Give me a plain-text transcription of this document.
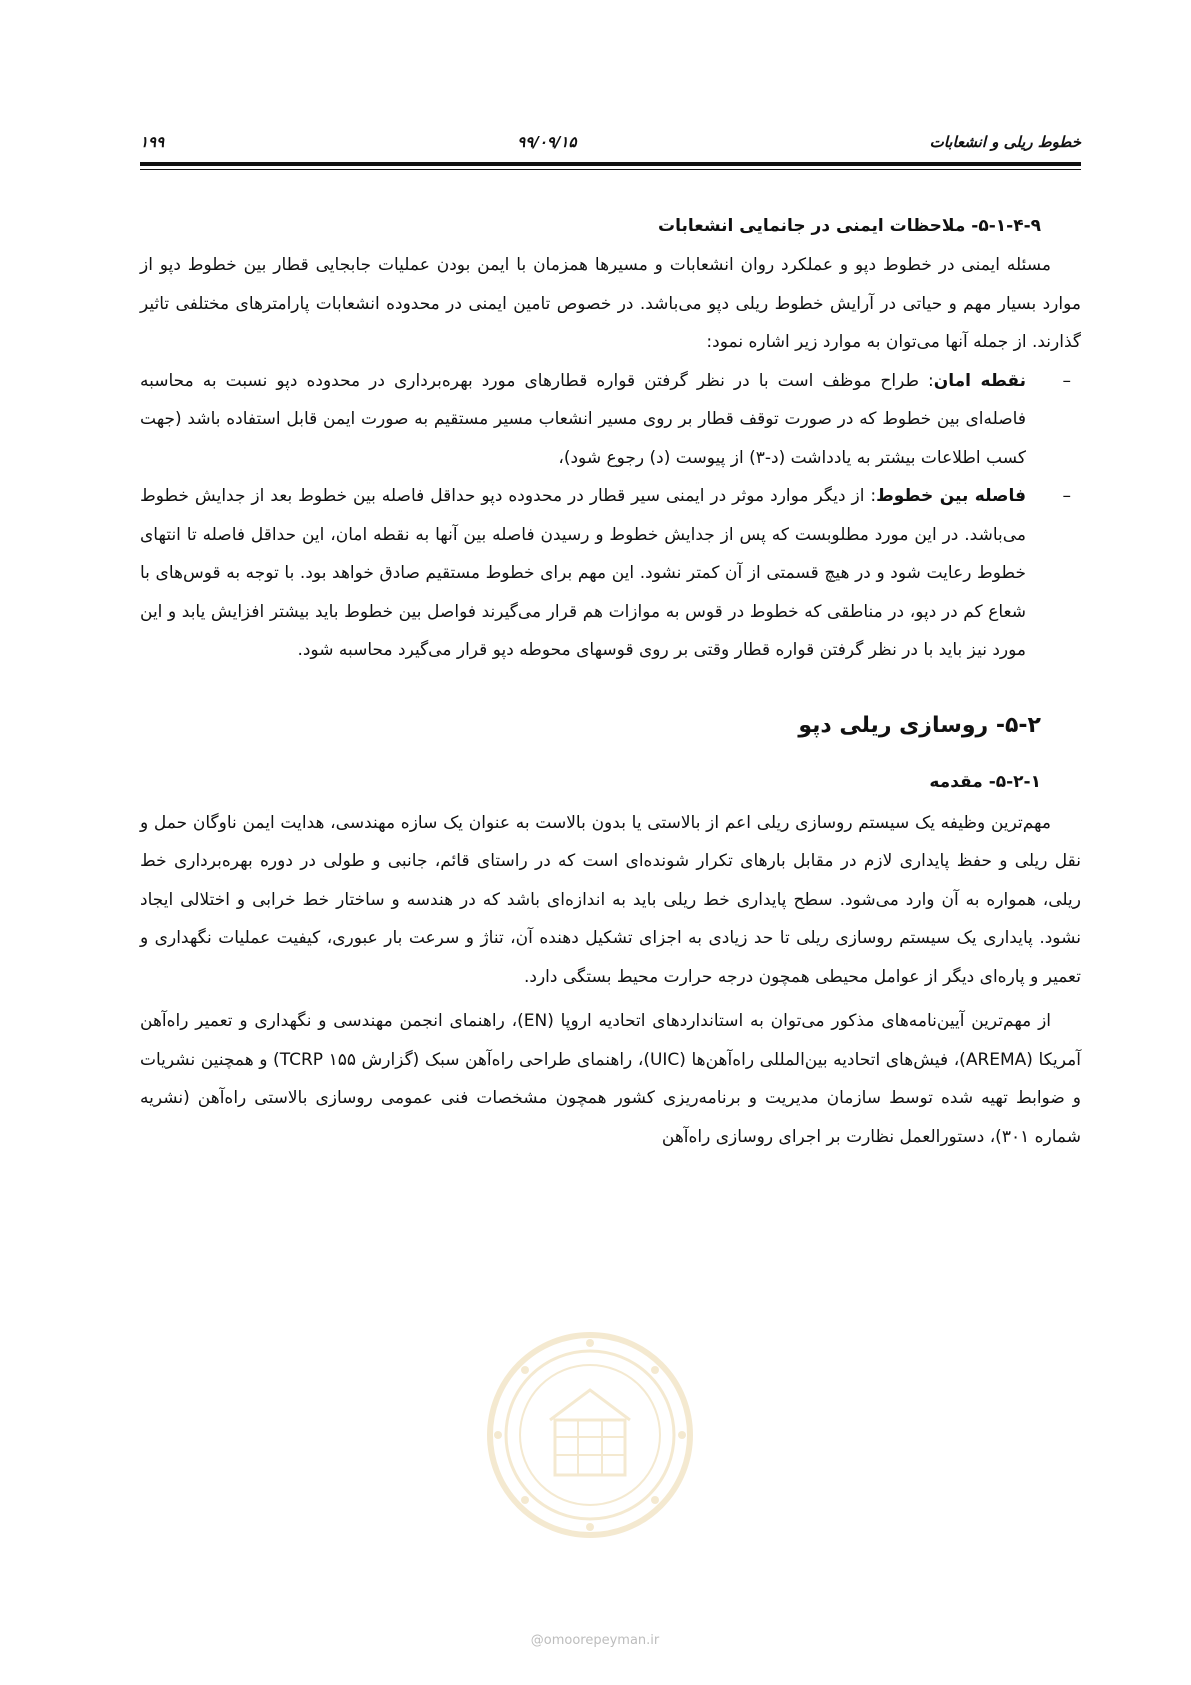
۱۹۹	۹۹/۰۹/۱۵	خطوط ریلی و انشعابات
۵-۱-۴-۹- ملاحظات ایمنی در جانمایی انشعابات

مسئله ایمنی در خطوط دپو و عملکرد روان انشعابات و مسیرها همزمان با ایمن بودن عملیات جابجایی قطار بین خطوط دپو از موارد بسیار مهم و حیاتی در آرایش خطوط ریلی دپو می‌باشد. در خصوص تامین ایمنی در محدوده انشعابات پارامترهای مختلفی تاثیر گذارند. از جمله آنها می‌توان به موارد زیر اشاره نمود:

–
نقطه امان: طراح موظف است با در نظر گرفتن قواره قطارهای مورد بهره‌برداری در محدوده دپو نسبت به محاسبه فاصله‌ای بین خطوط که در صورت توقف قطار بر روی مسیر انشعاب مسیر مستقیم به صورت ایمن قابل استفاده باشد (جهت کسب اطلاعات بیشتر به یادداشت (د-۳) از پیوست (د) رجوع شود)،
–
فاصله بین خطوط: از دیگر موارد موثر در ایمنی سیر قطار در محدوده دپو حداقل فاصله بین خطوط بعد از جدایش خطوط می‌باشد. در این مورد مطلوبست که پس از جدایش خطوط و رسیدن فاصله بین آنها به نقطه امان، این حداقل فاصله تا انتهای خطوط رعایت شود و در هیچ قسمتی از آن کمتر نشود. این مهم برای خطوط مستقیم صادق خواهد بود. با توجه به قوس‌های با شعاع کم در دپو، در مناطقی که خطوط در قوس به موازات هم قرار می‌گیرند فواصل بین خطوط باید بیشتر افزایش یابد و این مورد نیز باید با در نظر گرفتن قواره قطار وقتی بر روی قوسهای محوطه دپو قرار می‌گیرد محاسبه شود.
۵-۲- روسازی ریلی دپو
۵-۲-۱- مقدمه

مهم‌ترین وظیفه یک سیستم روسازی ریلی اعم از بالاستی یا بدون بالاست به عنوان یک سازه مهندسی، هدایت ایمن ناوگان حمل و نقل ریلی و حفظ پایداری لازم در مقابل بارهای تکرار شونده‌ای است که در راستای قائم، جانبی و طولی در دوره بهره‌برداری خط ریلی، همواره به آن وارد می‌شود. سطح پایداری خط ریلی باید به اندازه‌ای باشد که در هندسه و ساختار خط خرابی و اختلالی ایجاد نشود. پایداری یک سیستم روسازی ریلی تا حد زیادی به اجزای تشکیل دهنده آن، تناژ و سرعت بار عبوری، کیفیت عملیات نگهداری و تعمیر و پاره‌ای دیگر از عوامل محیطی همچون درجه حرارت محیط بستگی دارد.

از مهم‌ترین آیین‌نامه‌های مذکور می‌توان به استانداردهای اتحادیه اروپا (EN)، راهنمای انجمن مهندسی و نگهداری و تعمیر راه‌آهن آمریکا (AREMA)، فیش‌های اتحادیه بین‌المللی راه‌آهن‌ها (UIC)، راهنمای طراحی راه‌آهن سبک (گزارش TCRP ۱۵۵) و همچنین نشریات و ضوابط تهیه شده توسط سازمان مدیریت و برنامه‌ریزی کشور همچون مشخصات فنی عمومی روسازی بالاستی راه‌آهن (نشریه شماره ۳۰۱)، دستورالعمل نظارت بر اجرای روسازی راه‌آهن

@omoorepeyman.ir
